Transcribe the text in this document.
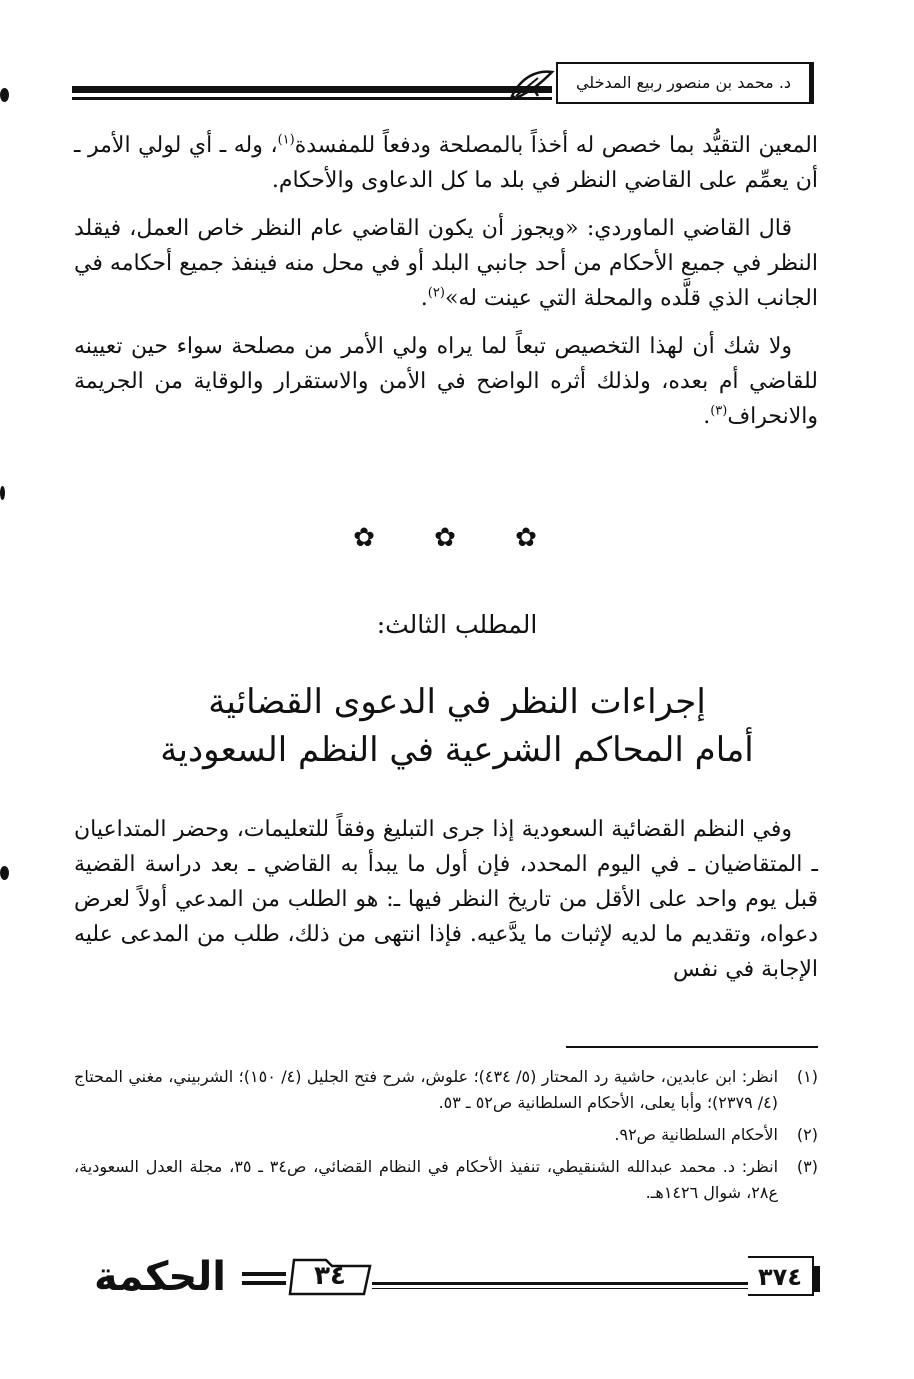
د. محمد بن منصور ربيع المدخلي

المعين التقيُّد بما خصص له أخذاً بالمصلحة ودفعاً للمفسدة$^{(١)}$، وله ـ أي لولي الأمر ـ أن يعمِّم على القاضي النظر في بلد ما كل الدعاوى والأحكام.

قال القاضي الماوردي: «ويجوز أن يكون القاضي عام النظر خاص العمل، فيقلد النظر في جميع الأحكام من أحد جانبي البلد أو في محل منه فينفذ جميع أحكامه في الجانب الذي قلَّده والمحلة التي عينت له»$^{(٢)}$.

ولا شك أن لهذا التخصيص تبعاً لما يراه ولي الأمر من مصلحة سواء حين تعيينه للقاضي أم بعده، ولذلك أثره الواضح في الأمن والاستقرار والوقاية من الجريمة والانحراف$^{(٣)}$.

✿	✿	✿
المطلب الثالث:
إجراءات النظر في الدعوى القضائية
أمام المحاكم الشرعية في النظم السعودية

وفي النظم القضائية السعودية إذا جرى التبليغ وفقاً للتعليمات، وحضر المتداعيان ـ المتقاضيان ـ في اليوم المحدد، فإن أول ما يبدأ به القاضي ـ بعد دراسة القضية قبل يوم واحد على الأقل من تاريخ النظر فيها ـ: هو الطلب من المدعي أولاً لعرض دعواه، وتقديم ما لديه لإثبات ما يدَّعيه. فإذا انتهى من ذلك، طلب من المدعى عليه الإجابة في نفس

(١)
انظر: ابن عابدين، حاشية رد المحتار (٥/ ٤٣٤)؛ علوش، شرح فتح الجليل (٤/ ١٥٠)؛ الشربيني، مغني المحتاج (٤/ ٢٣٧٩)؛ وأبا يعلى، الأحكام السلطانية ص٥٢ ـ ٥٣.
(٢)
الأحكام السلطانية ص٩٢.
(٣)
انظر: د. محمد عبدالله الشنقيطي، تنفيذ الأحكام في النظام القضائي، ص٣٤ ـ ٣٥، مجلة العدل السعودية، ع٢٨، شوال ١٤٢٦هـ.
٣٧٤
٣٤
الحكمة
